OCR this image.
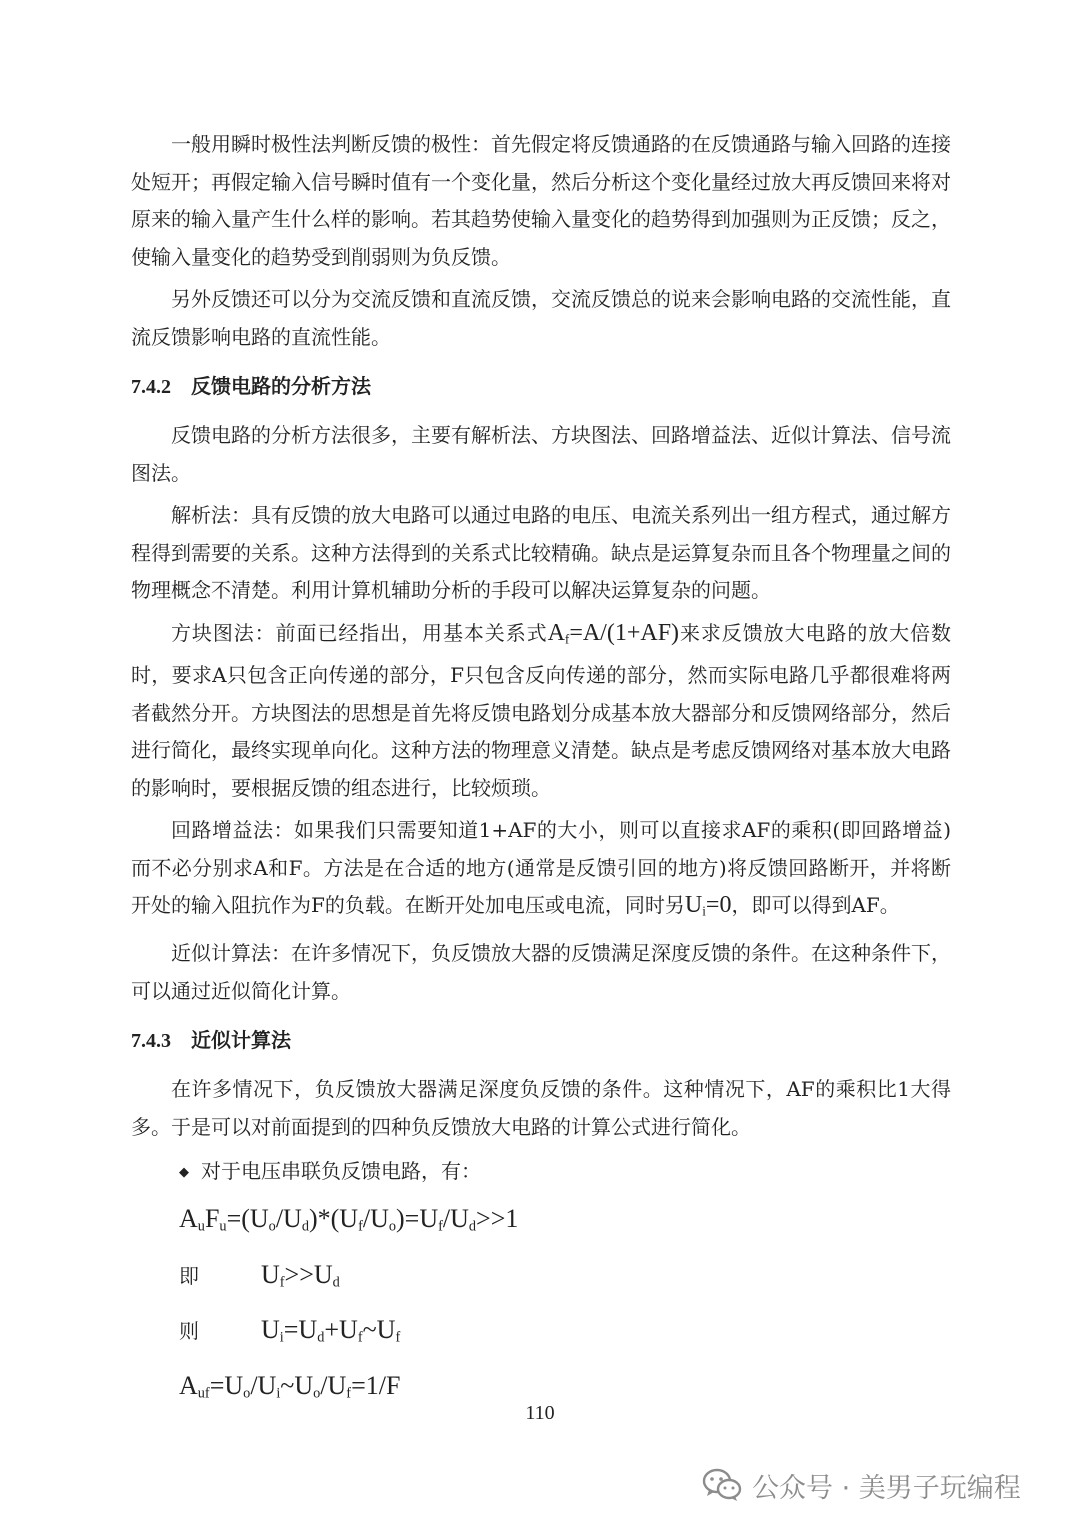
一般用瞬时极性法判断反馈的极性：首先假定将反馈通路的在反馈通路与输入回路的连接处短开；再假定输入信号瞬时值有一个变化量，然后分析这个变化量经过放大再反馈回来将对原来的输入量产生什么样的影响。若其趋势使输入量变化的趋势得到加强则为正反馈；反之，使输入量变化的趋势受到削弱则为负反馈。

另外反馈还可以分为交流反馈和直流反馈，交流反馈总的说来会影响电路的交流性能，直流反馈影响电路的直流性能。

7.4.2 反馈电路的分析方法

反馈电路的分析方法很多，主要有解析法、方块图法、回路增益法、近似计算法、信号流图法。

解析法：具有反馈的放大电路可以通过电路的电压、电流关系列出一组方程式，通过解方程得到需要的关系。这种方法得到的关系式比较精确。缺点是运算复杂而且各个物理量之间的物理概念不清楚。利用计算机辅助分析的手段可以解决运算复杂的问题。

方块图法：前面已经指出，用基本关系式$A_f=A/(1+AF)$来求反馈放大电路的放大倍数时，要求A只包含正向传递的部分，F只包含反向传递的部分，然而实际电路几乎都很难将两者截然分开。方块图法的思想是首先将反馈电路划分成基本放大器部分和反馈网络部分，然后进行简化，最终实现单向化。这种方法的物理意义清楚。缺点是考虑反馈网络对基本放大电路的影响时，要根据反馈的组态进行，比较烦琐。

回路增益法：如果我们只需要知道1+AF的大小，则可以直接求AF的乘积(即回路增益)而不必分别求A和F。方法是在合适的地方(通常是反馈引回的地方)将反馈回路断开，并将断开处的输入阻抗作为F的负载。在断开处加电压或电流，同时另$U_i=0$，即可以得到AF。

近似计算法：在许多情况下，负反馈放大器的反馈满足深度反馈的条件。在这种条件下，可以通过近似简化计算。

7.4.3 近似计算法

在许多情况下，负反馈放大器满足深度负反馈的条件。这种情况下，AF的乘积比1大得多。于是可以对前面提到的四种负反馈放大电路的计算公式进行简化。

◆ 对于电压串联负反馈电路，有：
$A_uF_u=(U_o/U_d)*(U_f/U_o)=U_f/U_d>>1$
即 $U_f>>U_d$
则 $U_i=U_d+U_f\sim U_f$
$A_{uf}=U_o/U_i\sim U_o/U_f=1/F$
110
公众号 · 美男子玩编程
